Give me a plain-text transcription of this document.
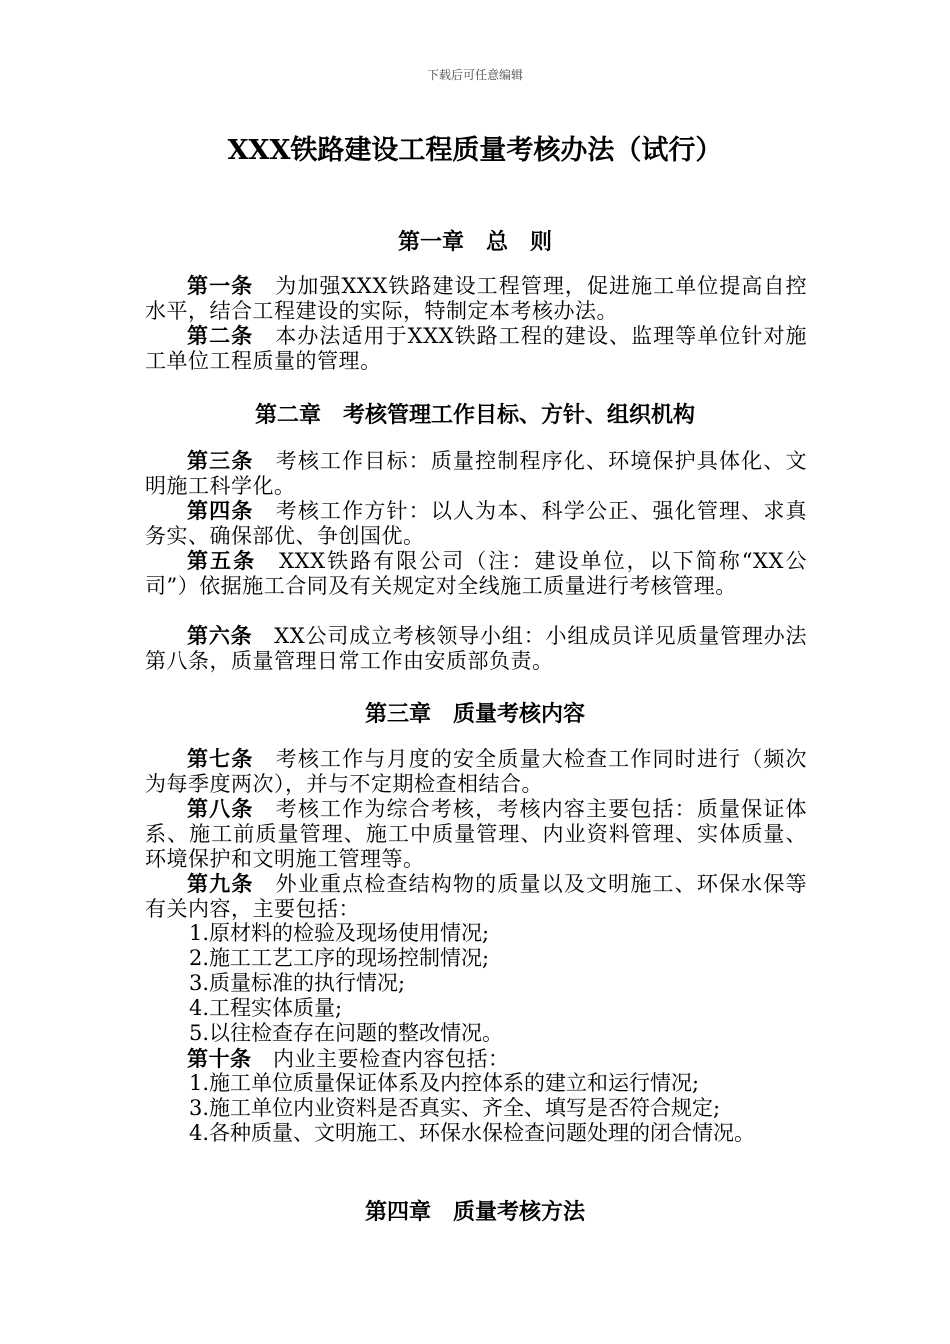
下载后可任意编辑
XXX铁路建设工程质量考核办法（试行）
第一章　总　则

第一条　 为加强XXX铁路建设工程管理，促进施工单位提高自控水平，结合工程建设的实际，特制定本考核办法。

第二条　 本办法适用于XXX铁路工程的建设、监理等单位针对施工单位工程质量的管理。

第二章　考核管理工作目标、方针、组织机构

第三条　 考核工作目标：质量控制程序化、环境保护具体化、文明施工科学化。

第四条　 考核工作方针：以人为本、科学公正、强化管理、求真务实、确保部优、争创国优。

第五条　 XXX铁路有限公司（注：建设单位，以下简称“XX公司”）依据施工合同及有关规定对全线施工质量进行考核管理。

第六条　 XX公司成立考核领导小组：小组成员详见质量管理办法第八条，质量管理日常工作由安质部负责。

第三章　质量考核内容

第七条　 考核工作与月度的安全质量大检查工作同时进行（频次为每季度两次），并与不定期检查相结合。

第八条　 考核工作为综合考核，考核内容主要包括：质量保证体系、施工前质量管理、施工中质量管理、内业资料管理、实体质量、环境保护和文明施工管理等。

第九条　 外业重点检查结构物的质量以及文明施工、环保水保等有关内容，主要包括：

1.原材料的检验及现场使用情况;

2.施工工艺工序的现场控制情况;

3.质量标准的执行情况;

4.工程实体质量;

5.以往检查存在问题的整改情况。

第十条　 内业主要检查内容包括：

1.施工单位质量保证体系及内控体系的建立和运行情况;

3.施工单位内业资料是否真实、齐全、填写是否符合规定;

4.各种质量、文明施工、环保水保检查问题处理的闭合情况。

第四章　质量考核方法
